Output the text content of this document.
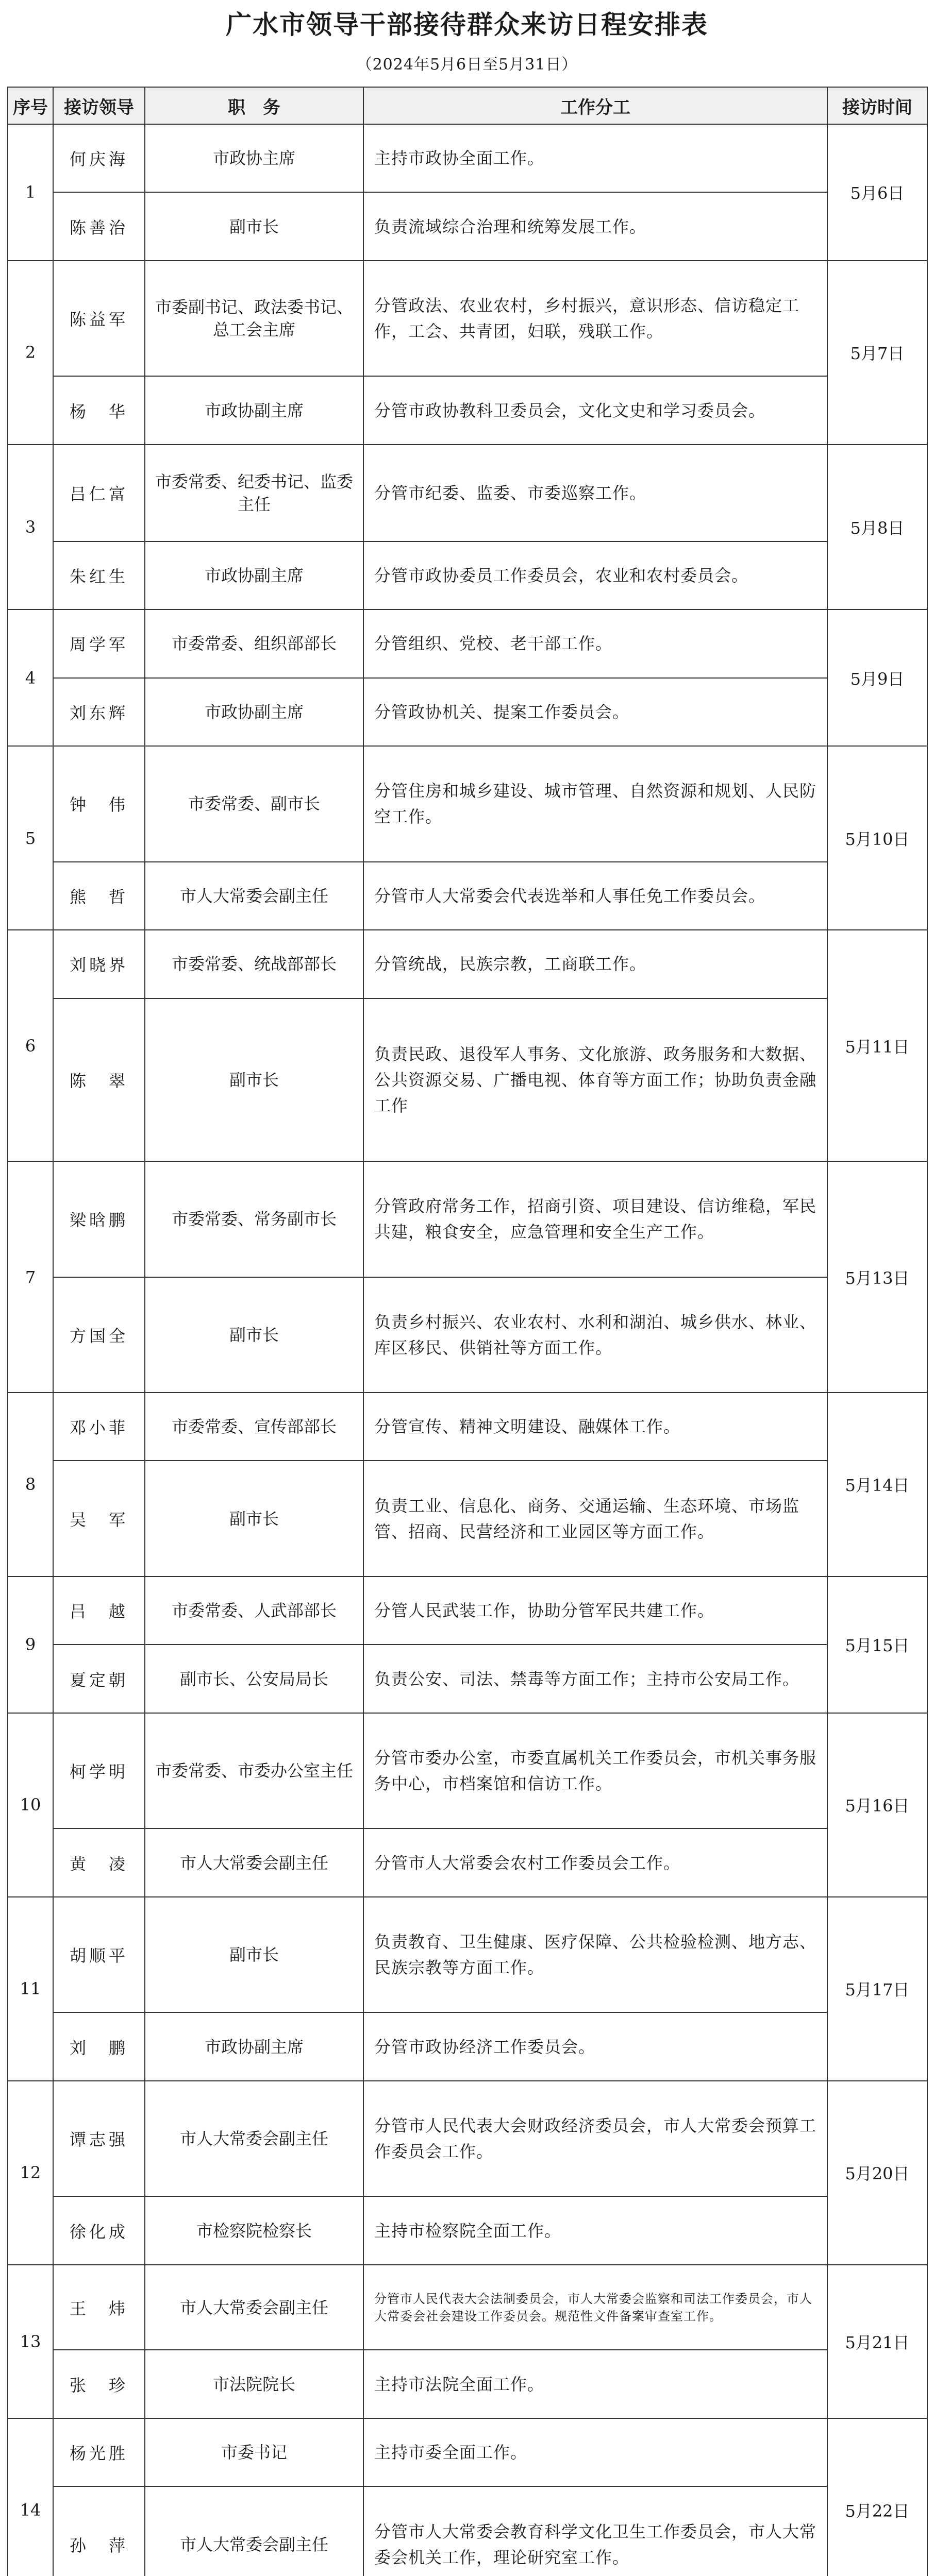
广水市领导干部接待群众来访日程安排表
（2024年5月6日至5月31日）
序号	接访领导	职　务	工作分工	接访时间
1	何庆海	市政协主席	主持市政协全面工作。	5月6日
	陈善治	副市长	负责流域综合治理和统筹发展工作。	
2	陈益军	市委副书记、政法委书记、总工会主席	分管政法、农业农村，乡村振兴，意识形态、信访稳定工作，工会、共青团，妇联，残联工作。	5月7日
	杨　华	市政协副主席	分管市政协教科卫委员会，文化文史和学习委员会。	
3	吕仁富	市委常委、纪委书记、监委主任	分管市纪委、监委、市委巡察工作。	5月8日
	朱红生	市政协副主席	分管市政协委员工作委员会，农业和农村委员会。	
4	周学军	市委常委、组织部部长	分管组织、党校、老干部工作。	5月9日
	刘东辉	市政协副主席	分管政协机关、提案工作委员会。	
5	钟　伟	市委常委、副市长	分管住房和城乡建设、城市管理、自然资源和规划、人民防空工作。	5月10日
	熊　哲	市人大常委会副主任	分管市人大常委会代表选举和人事任免工作委员会。	
6	刘晓界	市委常委、统战部部长	分管统战，民族宗教，工商联工作。	5月11日
	陈　翠	副市长	负责民政、退役军人事务、文化旅游、政务服务和大数据、公共资源交易、广播电视、体育等方面工作；协助负责金融工作	
7	梁晗鹏	市委常委、常务副市长	分管政府常务工作，招商引资、项目建设、信访维稳，军民共建，粮食安全，应急管理和安全生产工作。	5月13日
	方国全	副市长	负责乡村振兴、农业农村、水利和湖泊、城乡供水、林业、库区移民、供销社等方面工作。	
8	邓小菲	市委常委、宣传部部长	分管宣传、精神文明建设、融媒体工作。	5月14日
	吴　军	副市长	负责工业、信息化、商务、交通运输、生态环境、市场监管、招商、民营经济和工业园区等方面工作。	
9	吕　越	市委常委、人武部部长	分管人民武装工作，协助分管军民共建工作。	5月15日
	夏定朝	副市长、公安局局长	负责公安、司法、禁毒等方面工作；主持市公安局工作。	
10	柯学明	市委常委、市委办公室主任	分管市委办公室，市委直属机关工作委员会，市机关事务服务中心，市档案馆和信访工作。	5月16日
	黄　凌	市人大常委会副主任	分管市人大常委会农村工作委员会工作。	
11	胡顺平	副市长	负责教育、卫生健康、医疗保障、公共检验检测、地方志、民族宗教等方面工作。	5月17日
	刘　鹏	市政协副主席	分管市政协经济工作委员会。	
12	谭志强	市人大常委会副主任	分管市人民代表大会财政经济委员会，市人大常委会预算工作委员会工作。	5月20日
	徐化成	市检察院检察长	主持市检察院全面工作。	
13	王　炜	市人大常委会副主任	分管市人民代表大会法制委员会，市人大常委会监察和司法工作委员会，市人大常委会社会建设工作委员会。规范性文件备案审查室工作。	5月21日
	张　珍	市法院院长	主持市法院全面工作。	
14	杨光胜	市委书记	主持市委全面工作。	5月22日
	孙　萍	市人大常委会副主任	分管市人大常委会教育科学文化卫生工作委员会，市人大常委会机关工作，理论研究室工作。	
